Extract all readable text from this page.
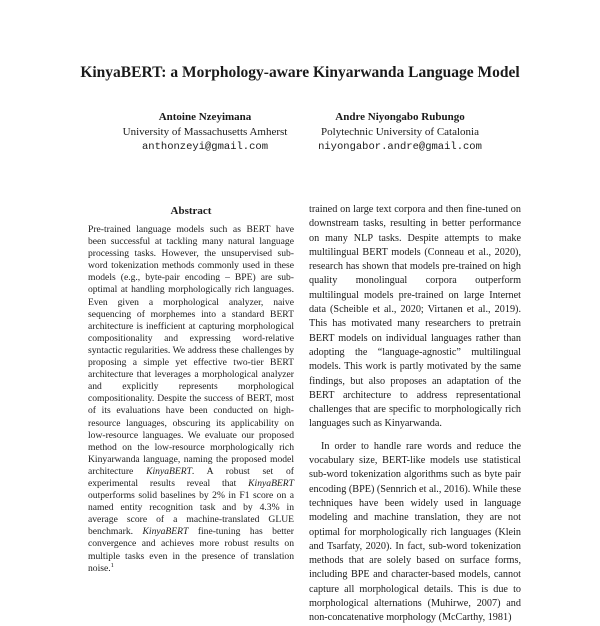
KinyaBERT: a Morphology-aware Kinyarwanda Language Model
Antoine Nzeyimana
University of Massachusetts Amherst
anthonzeyi@gmail.com
Andre Niyongabo Rubungo
Polytechnic University of Catalonia
niyongabor.andre@gmail.com
Abstract
Pre-trained language models such as BERT have been successful at tackling many natural language processing tasks. However, the unsupervised sub-word tokenization methods commonly used in these models (e.g., byte-pair encoding – BPE) are sub-optimal at handling morphologically rich languages. Even given a morphological analyzer, naive sequencing of morphemes into a standard BERT architecture is inefficient at capturing morphological compositionality and expressing word-relative syntactic regularities. We address these challenges by proposing a simple yet effective two-tier BERT architecture that leverages a morphological analyzer and explicitly represents morphological compositionality. Despite the success of BERT, most of its evaluations have been conducted on high-resource languages, obscuring its applicability on low-resource languages. We evaluate our proposed method on the low-resource morphologically rich Kinyarwanda language, naming the proposed model architecture KinyaBERT. A robust set of experimental results reveal that KinyaBERT outperforms solid baselines by 2% in F1 score on a named entity recognition task and by 4.3% in average score of a machine-translated GLUE benchmark. KinyaBERT fine-tuning has better convergence and achieves more robust results on multiple tasks even in the presence of translation noise.$^1$

trained on large text corpora and then fine-tuned on downstream tasks, resulting in better performance on many NLP tasks. Despite attempts to make multilingual BERT models (Conneau et al., 2020), research has shown that models pre-trained on high quality monolingual corpora outperform multilingual models pre-trained on large Internet data (Scheible et al., 2020; Virtanen et al., 2019). This has motivated many researchers to pretrain BERT models on individual languages rather than adopting the “language-agnostic” multilingual models. This work is partly motivated by the same findings, but also proposes an adaptation of the BERT architecture to address representational challenges that are specific to morphologically rich languages such as Kinyarwanda.

In order to handle rare words and reduce the vocabulary size, BERT-like models use statistical sub-word tokenization algorithms such as byte pair encoding (BPE) (Sennrich et al., 2016). While these techniques have been widely used in language modeling and machine translation, they are not optimal for morphologically rich languages (Klein and Tsarfaty, 2020). In fact, sub-word tokenization methods that are solely based on surface forms, including BPE and character-based models, cannot capture all morphological details. This is due to morphological alternations (Muhirwe, 2007) and non-concatenative morphology (McCarthy, 1981)
